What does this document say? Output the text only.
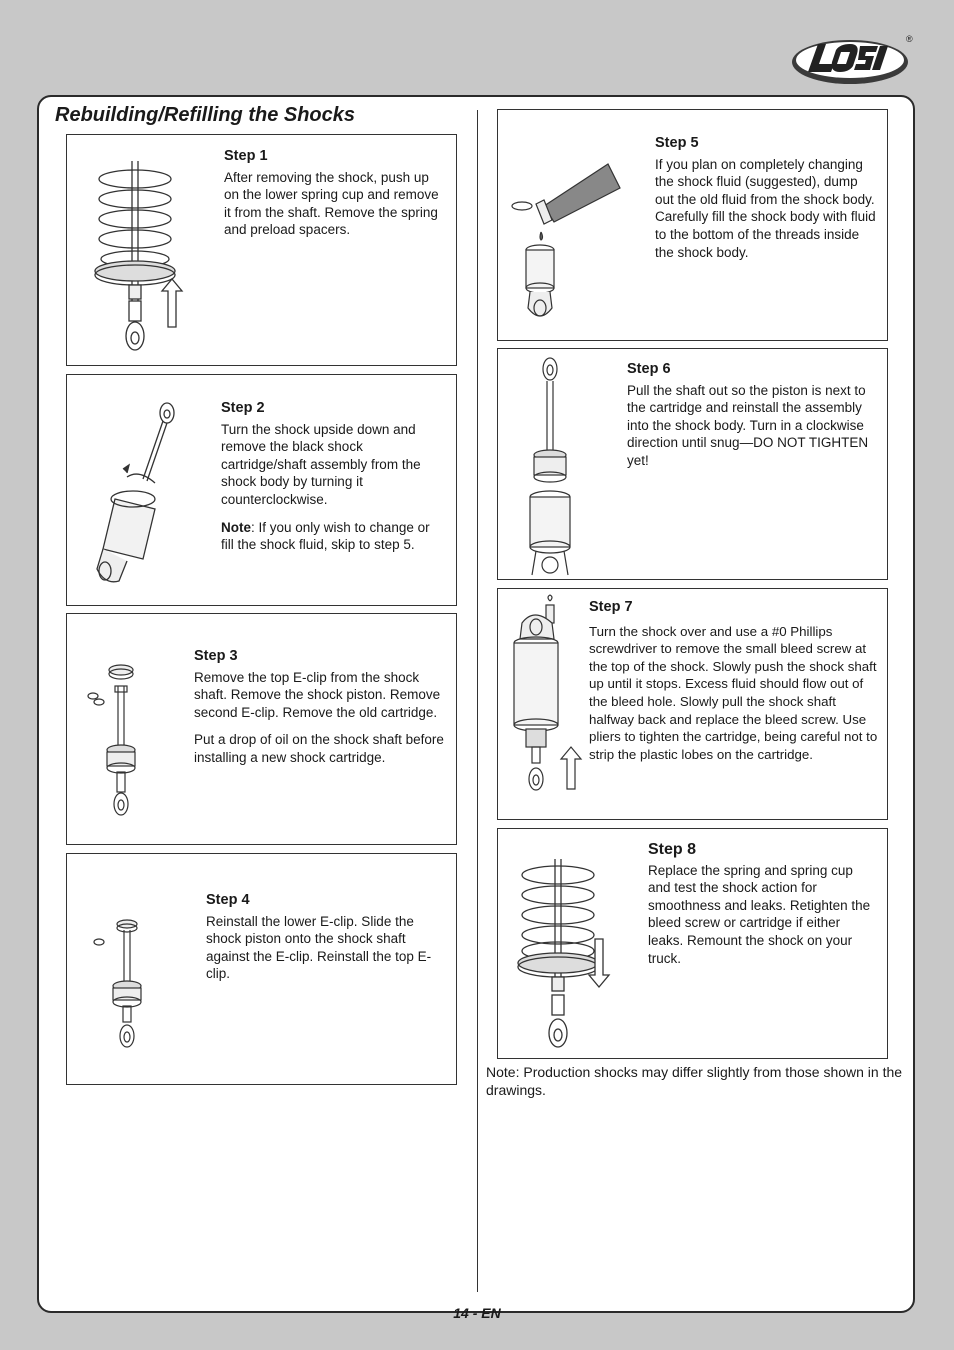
®
Rebuilding/Refilling the Shocks
Step 1

After removing the shock, push up on the lower spring cup and remove it from the shaft. Remove the spring and preload spacers.

Step 2

Turn the shock upside down and remove the black shock cartridge/shaft assembly from the shock body by turning it counterclockwise.

Note: If you only wish to change or fill the shock fluid, skip to step 5.

Step 3

Remove the top E-clip from the shock shaft. Remove the shock piston. Remove second E-clip. Remove the old cartridge.

Put a drop of oil on the shock shaft before installing a new shock cartridge.

Step 4

Reinstall the lower E-clip. Slide the shock piston onto the shock shaft against the E-clip. Reinstall the top E-clip.

Step 5

If you plan on completely changing the shock fluid (suggested), dump out the old fluid from the shock body. Carefully fill the shock body with fluid to the bottom of the threads inside the shock body.

Step 6

Pull the shaft out so the piston is next to the cartridge and reinstall the assembly into the shock body. Turn in a clockwise direction until snug—DO NOT TIGHTEN yet!

Step 7

Turn the shock over and use a #0 Phillips screwdriver to remove the small bleed screw at the top of the shock. Slowly push the shock shaft up until it stops. Excess fluid should flow out of the bleed hole. Slowly pull the shock shaft halfway back and replace the bleed screw. Use pliers to tighten the cartridge, being careful not to strip the plastic lobes on the cartridge.

Step 8

Replace the spring and spring cup and test the shock action for smoothness and leaks. Retighten the bleed screw or cartridge if either leaks. Remount the shock on your truck.

Note: Production shocks may differ slightly from those shown in the drawings.

14 - EN
